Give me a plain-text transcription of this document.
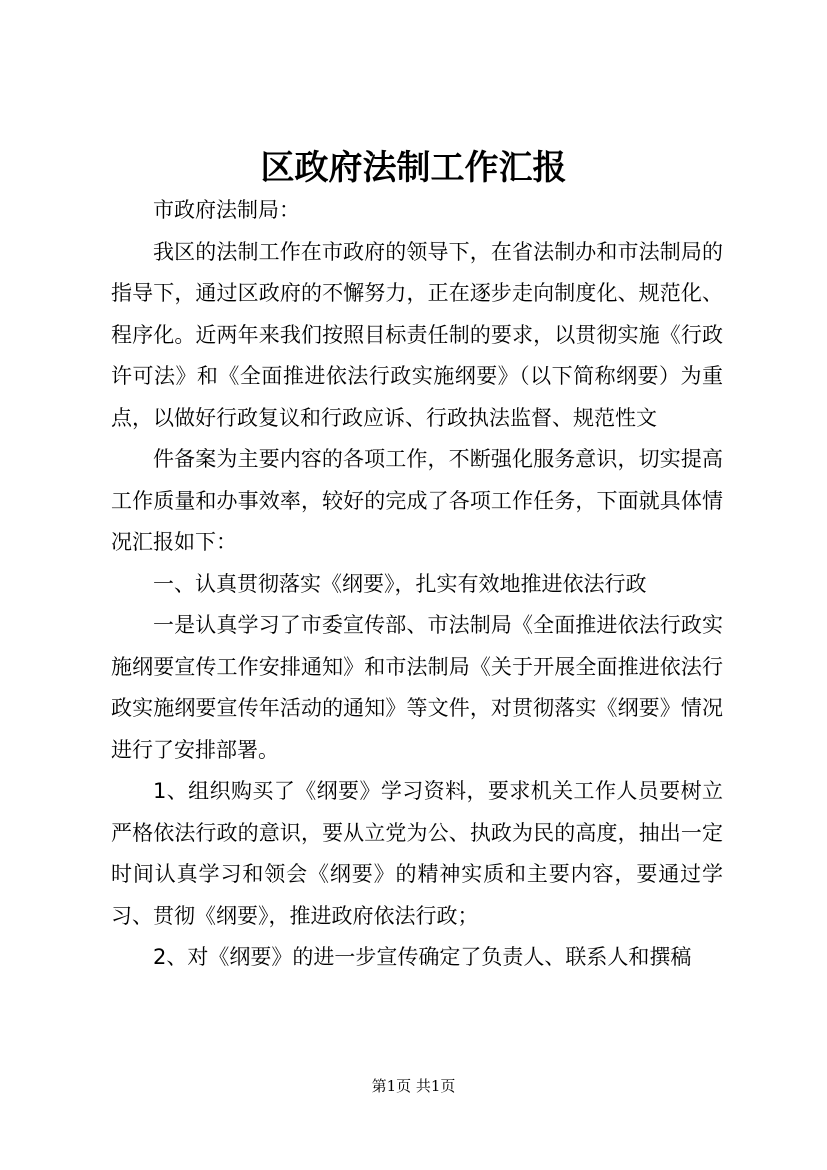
区政府法制工作汇报

市政府法制局：

我区的法制工作在市政府的领导下，在省法制办和市法制局的指导下，通过区政府的不懈努力，正在逐步走向制度化、规范化、程序化。近两年来我们按照目标责任制的要求，以贯彻实施《行政许可法》和《全面推进依法行政实施纲要》（以下简称纲要）为重点，以做好行政复议和行政应诉、行政执法监督、规范性文

件备案为主要内容的各项工作，不断强化服务意识，切实提高工作质量和办事效率，较好的完成了各项工作任务，下面就具体情况汇报如下：

一、认真贯彻落实《纲要》，扎实有效地推进依法行政

一是认真学习了市委宣传部、市法制局《全面推进依法行政实施纲要宣传工作安排通知》和市法制局《关于开展全面推进依法行政实施纲要宣传年活动的通知》等文件，对贯彻落实《纲要》情况进行了安排部署。

1、组织购买了《纲要》学习资料，要求机关工作人员要树立严格依法行政的意识，要从立党为公、执政为民的高度，抽出一定时间认真学习和领会《纲要》的精神实质和主要内容，要通过学习、贯彻《纲要》，推进政府依法行政；

2、对《纲要》的进一步宣传确定了负责人、联系人和撰稿

第1页 共1页
